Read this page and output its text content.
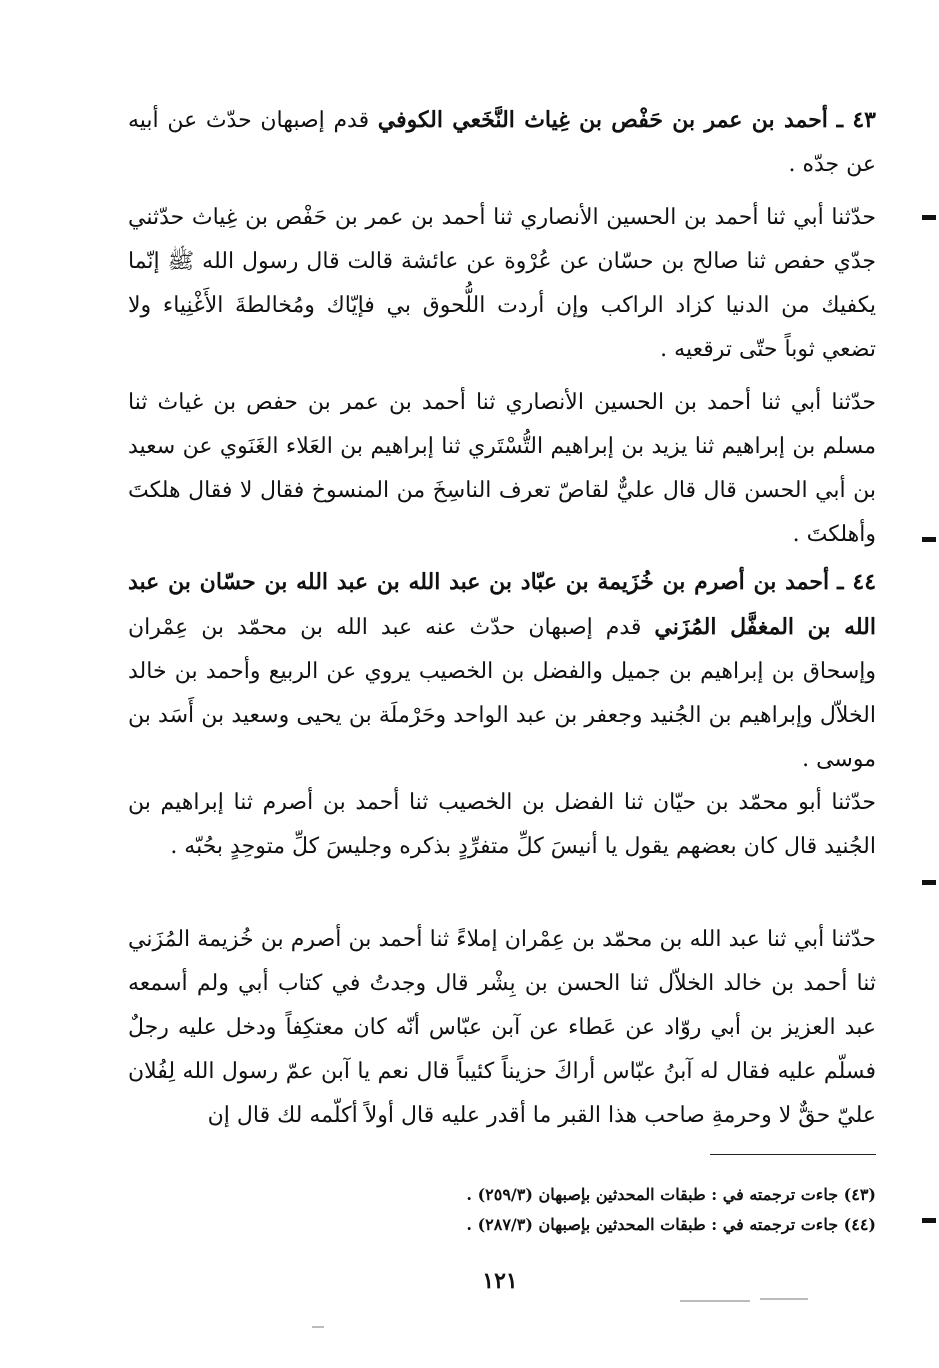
٤٣ ـ أحمد بن عمر بن حَفْص بن غِياث النَّخَعي الكوفي قدم إصبهان حدّث عن أبيه عن جدّه .
حدّثنا أبي ثنا أحمد بن الحسين الأنصاري ثنا أحمد بن عمر بن حَفْص بن غِياث حدّثني جدّي حفص ثنا صالح بن حسّان عن عُرْوة عن عائشة قالت قال رسول الله ﷺ إنّما يكفيك من الدنيا كزاد الراكب وإن أردت اللُّحوق بي فإيّاك ومُخالطةَ الأَغْنِياء ولا تضعي ثوباً حتّى ترقعيه .
حدّثنا أبي ثنا أحمد بن الحسين الأنصاري ثنا أحمد بن عمر بن حفص بن غياث ثنا مسلم بن إبراهيم ثنا يزيد بن إبراهيم التُّسْتَري ثنا إبراهيم بن العَلاء الغَنَوي عن سعيد بن أبي الحسن قال قال عليٌّ لقاصّ تعرف الناسِخَ من المنسوخ فقال لا فقال هلكتَ وأهلكتَ .
٤٤ ـ أحمد بن أصرم بن خُزَيمة بن عبّاد بن عبد الله بن عبد الله بن حسّان بن عبد الله بن المغفَّل المُزَني قدم إصبهان حدّث عنه عبد الله بن محمّد بن عِمْران وإسحاق بن إبراهيم بن جميل والفضل بن الخصيب يروي عن الربيع وأحمد بن خالد الخلاّل وإبراهيم بن الجُنيد وجعفر بن عبد الواحد وحَرْملَة بن يحيى وسعيد بن أَسَد بن موسى .
حدّثنا أبو محمّد بن حيّان ثنا الفضل بن الخصيب ثنا أحمد بن أصرم ثنا إبراهيم بن الجُنيد قال كان بعضهم يقول يا أنيسَ كلِّ متفرِّدٍ بذكره وجليسَ كلِّ متوحِدٍ بحُبّه .
حدّثنا أبي ثنا عبد الله بن محمّد بن عِمْران إملاءً ثنا أحمد بن أصرم بن خُزيمة المُزَني ثنا أحمد بن خالد الخلاّل ثنا الحسن بن بِشْر قال وجدتُ في كتاب أبي ولم أسمعه عبد العزيز بن أبي روّاد عن عَطاء عن آبن عبّاس أنّه كان معتكِفاً ودخل عليه رجلٌ فسلّم عليه فقال له آبنُ عبّاس أراكَ حزيناً كئيباً قال نعم يا آبن عمّ رسول الله لِفُلان عليّ حقٌّ لا وحرمةِ صاحب هذا القبر ما أقدر عليه قال أولاً أكلّمه لك قال إن
(٤٣) جاءت ترجمته في : طبقات المحدثين بإصبهان (٢٥٩/٣) .
(٤٤) جاءت ترجمته في : طبقات المحدثين بإصبهان (٢٨٧/٣) .
١٢١
